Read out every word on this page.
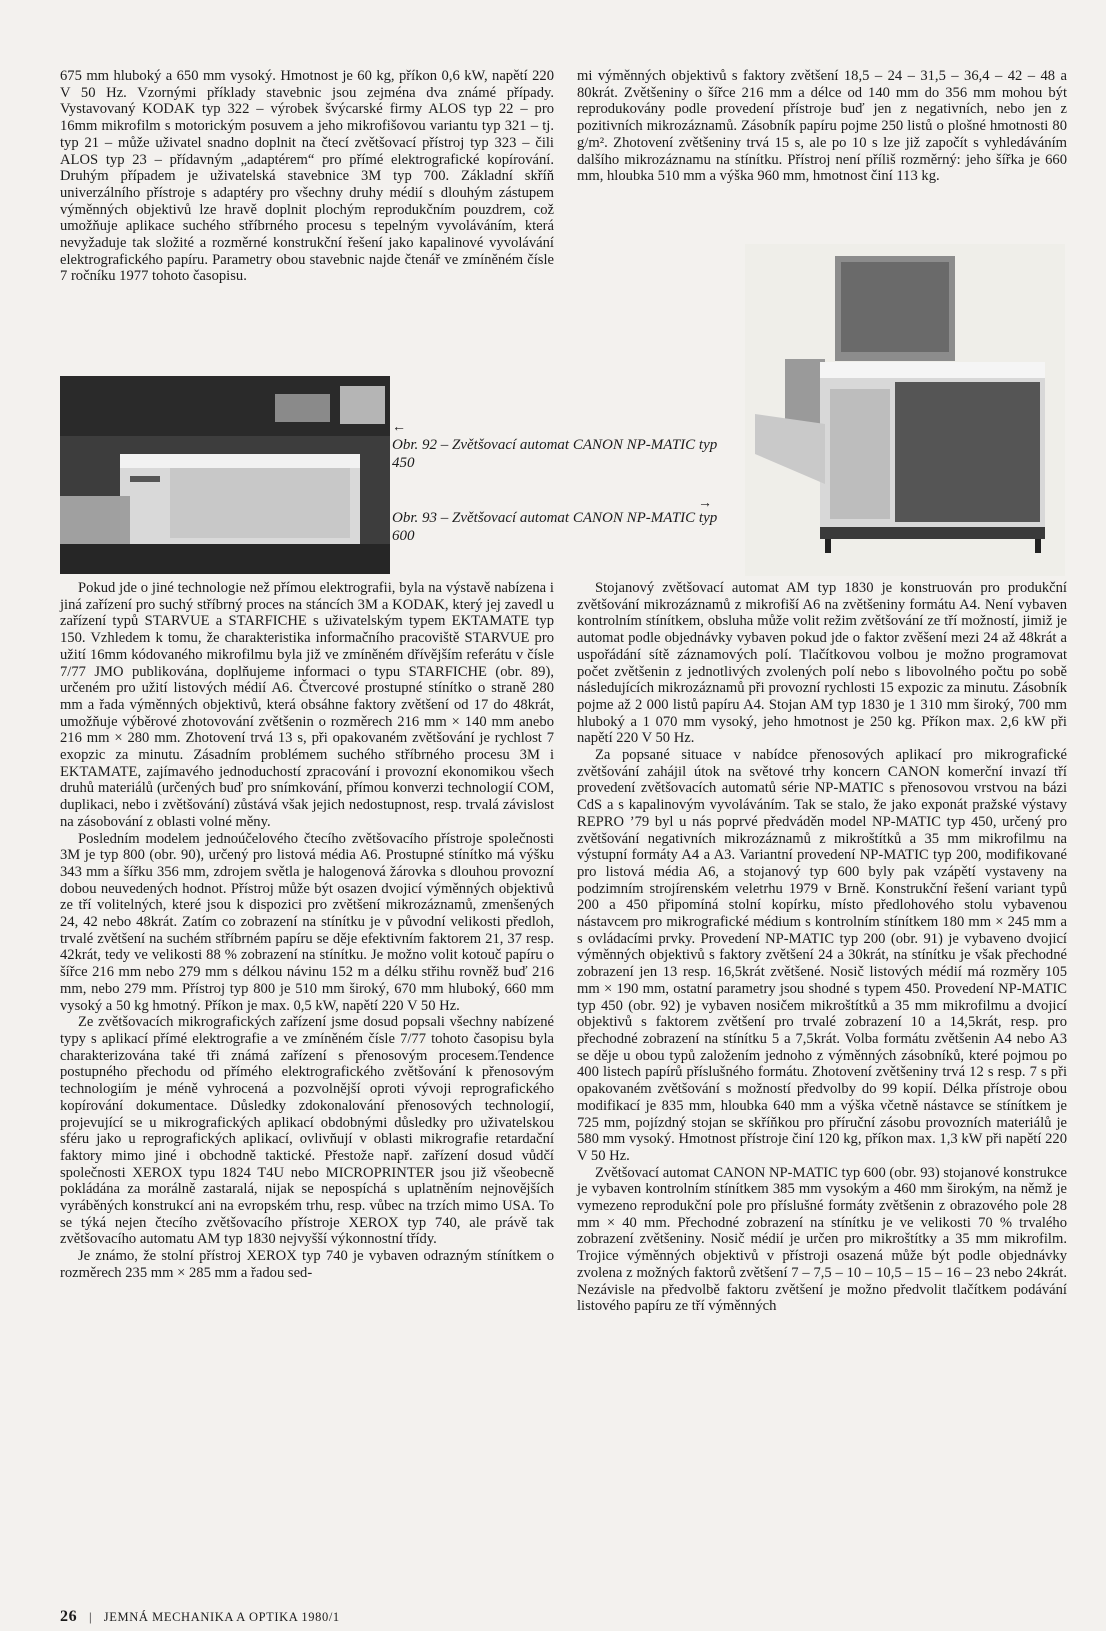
675 mm hluboký a 650 mm vysoký. Hmotnost je 60 kg, příkon 0,6 kW, napětí 220 V 50 Hz. Vzornými příklady stavebnic jsou zejména dva známé případy. Vystavovaný KODAK typ 322 – výrobek švýcarské firmy ALOS typ 22 – pro 16mm mikrofilm s motorickým posuvem a jeho mikrofišovou variantu typ 321 – tj. typ 21 – může uživatel snadno doplnit na čtecí zvětšovací přístroj typ 323 – čili ALOS typ 23 – přídavným „adaptérem“ pro přímé elektrografické kopírování. Druhým případem je uživatelská stavebnice 3M typ 700. Základní skříň univerzálního přístroje s adaptéry pro všechny druhy médií s dlouhým zástupem výměnných objektivů lze hravě doplnit plochým reprodukčním pouzdrem, což umožňuje aplikace suchého stříbrného procesu s tepelným vyvoláváním, která nevyžaduje tak složité a rozměrné konstrukční řešení jako kapalinové vyvolávání elektrografického papíru. Parametry obou stavebnic najde čtenář ve zmíněném čísle 7 ročníku 1977 tohoto časopisu.

mi výměnných objektivů s faktory zvětšení 18,5 – 24 – 31,5 – 36,4 – 42 – 48 a 80krát. Zvětšeniny o šířce 216 mm a délce od 140 mm do 356 mm mohou být reprodukovány podle provedení přístroje buď jen z negativních, nebo jen z pozitivních mikrozáznamů. Zásobník papíru pojme 250 listů o plošné hmotnosti 80 g/m². Zhotovení zvětšeniny trvá 15 s, ale po 10 s lze již započít s vyhledáváním dalšího mikrozáznamu na stínítku. Přístroj není příliš rozměrný: jeho šířka je 660 mm, hloubka 510 mm a výška 960 mm, hmotnost činí 113 kg.

←
Obr. 92 – Zvětšovací automat CANON NP-MATIC typ 450
→
Obr. 93 – Zvětšovací automat CANON NP-MATIC typ 600

Pokud jde o jiné technologie než přímou elektrografii, byla na výstavě nabízena i jiná zařízení pro suchý stříbrný proces na stáncích 3M a KODAK, který jej zavedl u zařízení typů STARVUE a STARFICHE s uživatelským typem EKTAMATE typ 150. Vzhledem k tomu, že charakteristika informačního pracoviště STARVUE pro užití 16mm kódovaného mikrofilmu byla již ve zmíněném dřívějším referátu v čísle 7/77 JMO publikována, doplňujeme informaci o typu STARFICHE (obr. 89), určeném pro užití listových médií A6. Čtvercové prostupné stínítko o straně 280 mm a řada výměnných objektivů, která obsáhne faktory zvětšení od 17 do 48krát, umožňuje výběrové zhotovování zvětšenin o rozměrech 216 mm × 140 mm anebo 216 mm × 280 mm. Zhotovení trvá 13 s, při opakovaném zvětšování je rychlost 7 exopzic za minutu. Zásadním problémem suchého stříbrného procesu 3M i EKTAMATE, zajímavého jednoduchostí zpracování i provozní ekonomikou všech druhů materiálů (určených buď pro snímkování, přímou konverzi technologií COM, duplikaci, nebo i zvětšování) zůstává však jejich nedostupnost, resp. trvalá závislost na zásobování z oblasti volné měny.

Posledním modelem jednoúčelového čtecího zvětšovacího přístroje společnosti 3M je typ 800 (obr. 90), určený pro listová média A6. Prostupné stínítko má výšku 343 mm a šířku 356 mm, zdrojem světla je halogenová žárovka s dlouhou provozní dobou neuvedených hodnot. Přístroj může být osazen dvojicí výměnných objektivů ze tří volitelných, které jsou k dispozici pro zvětšení mikrozáznamů, zmenšených 24, 42 nebo 48krát. Zatím co zobrazení na stínítku je v původní velikosti předloh, trvalé zvětšení na suchém stříbrném papíru se děje efektivním faktorem 21, 37 resp. 42krát, tedy ve velikosti 88 % zobrazení na stínítku. Je možno volit kotouč papíru o šířce 216 mm nebo 279 mm s délkou návinu 152 m a délku střihu rovněž buď 216 mm, nebo 279 mm. Přístroj typ 800 je 510 mm široký, 670 mm hluboký, 660 mm vysoký a 50 kg hmotný. Příkon je max. 0,5 kW, napětí 220 V 50 Hz.

Ze zvětšovacích mikrografických zařízení jsme dosud popsali všechny nabízené typy s aplikací přímé elektrografie a ve zmíněném čísle 7/77 tohoto časopisu byla charakterizována také tři známá zařízení s přenosovým procesem.Tendence postupného přechodu od přímého elektrografického zvětšování k přenosovým technologiím je méně vyhrocená a pozvolnější oproti vývoji reprografického kopírování dokumentace. Důsledky zdokonalování přenosových technologií, projevující se u mikrografických aplikací obdobnými důsledky pro uživatelskou sféru jako u reprografických aplikací, ovlivňují v oblasti mikrografie retardační faktory mimo jiné i obchodně taktické. Přestože např. zařízení dosud vůdčí společnosti XEROX typu 1824 T4U nebo MICROPRINTER jsou již všeobecně pokládána za morálně zastaralá, nijak se nepospíchá s uplatněním nejnovějších vyráběných konstrukcí ani na evropském trhu, resp. vůbec na trzích mimo USA. To se týká nejen čtecího zvětšovacího přístroje XEROX typ 740, ale právě tak zvětšovacího automatu AM typ 1830 nejvyšší výkonnostní třídy.

Je známo, že stolní přístroj XEROX typ 740 je vybaven odrazným stínítkem o rozměrech 235 mm × 285 mm a řadou sed-

Stojanový zvětšovací automat AM typ 1830 je konstruován pro produkční zvětšování mikrozáznamů z mikrofiší A6 na zvětšeniny formátu A4. Není vybaven kontrolním stínítkem, obsluha může volit režim zvětšování ze tří možností, jimiž je automat podle objednávky vybaven pokud jde o faktor zvěšení mezi 24 až 48krát a uspořádání sítě záznamových polí. Tlačítkovou volbou je možno programovat počet zvětšenin z jednotlivých zvolených polí nebo s libovolného počtu po sobě následujících mikrozáznamů při provozní rychlosti 15 expozic za minutu. Zásobník pojme až 2 000 listů papíru A4. Stojan AM typ 1830 je 1 310 mm široký, 700 mm hluboký a 1 070 mm vysoký, jeho hmotnost je 250 kg. Příkon max. 2,6 kW při napětí 220 V 50 Hz.

Za popsané situace v nabídce přenosových aplikací pro mikrografické zvětšování zahájil útok na světové trhy koncern CANON komerční invazí tří provedení zvětšovacích automatů série NP-MATIC s přenosovou vrstvou na bázi CdS a s kapalinovým vyvoláváním. Tak se stalo, že jako exponát pražské výstavy REPRO ’79 byl u nás poprvé předváděn model NP-MATIC typ 450, určený pro zvětšování negativních mikrozáznamů z mikroštítků a 35 mm mikrofilmu na výstupní formáty A4 a A3. Variantní provedení NP-MATIC typ 200, modifikované pro listová média A6, a stojanový typ 600 byly pak vzápětí vystaveny na podzimním strojírenském veletrhu 1979 v Brně. Konstrukční řešení variant typů 200 a 450 připomíná stolní kopírku, místo předlohového stolu vybavenou nástavcem pro mikrografické médium s kontrolním stínítkem 180 mm × 245 mm a s ovládacími prvky. Provedení NP-MATIC typ 200 (obr. 91) je vybaveno dvojicí výměnných objektivů s faktory zvětšení 24 a 30krát, na stínítku je však přechodné zobrazení jen 13 resp. 16,5krát zvětšené. Nosič listových médií má rozměry 105 mm × 190 mm, ostatní parametry jsou shodné s typem 450. Provedení NP-MATIC typ 450 (obr. 92) je vybaven nosičem mikroštítků a 35 mm mikrofilmu a dvojicí objektivů s faktorem zvětšení pro trvalé zobrazení 10 a 14,5krát, resp. pro přechodné zobrazení na stínítku 5 a 7,5krát. Volba formátu zvětšenin A4 nebo A3 se děje u obou typů založením jednoho z výměnných zásobníků, které pojmou po 400 listech papírů příslušného formátu. Zhotovení zvětšeniny trvá 12 s resp. 7 s při opakovaném zvětšování s možností předvolby do 99 kopií. Délka přístroje obou modifikací je 835 mm, hloubka 640 mm a výška včetně nástavce se stínítkem je 725 mm, pojízdný stojan se skříňkou pro příruční zásobu provozních materiálů je 580 mm vysoký. Hmotnost přístroje činí 120 kg, příkon max. 1,3 kW při napětí 220 V 50 Hz.

Zvětšovací automat CANON NP-MATIC typ 600 (obr. 93) stojanové konstrukce je vybaven kontrolním stínítkem 385 mm vysokým a 460 mm širokým, na němž je vymezeno reprodukční pole pro příslušné formáty zvětšenin z obrazového pole 28 mm × 40 mm. Přechodné zobrazení na stínítku je ve velikosti 70 % trvalého zobrazení zvětšeniny. Nosič médií je určen pro mikroštítky a 35 mm mikrofilm. Trojice výměnných objektivů v přístroji osazená může být podle objednávky zvolena z možných faktorů zvětšení 7 – 7,5 – 10 – 10,5 – 15 – 16 – 23 nebo 24krát. Nezávisle na předvolbě faktoru zvětšení je možno předvolit tlačítkem podávání listového papíru ze tří výměnných

26 | JEMNÁ MECHANIKA A OPTIKA 1980/1
